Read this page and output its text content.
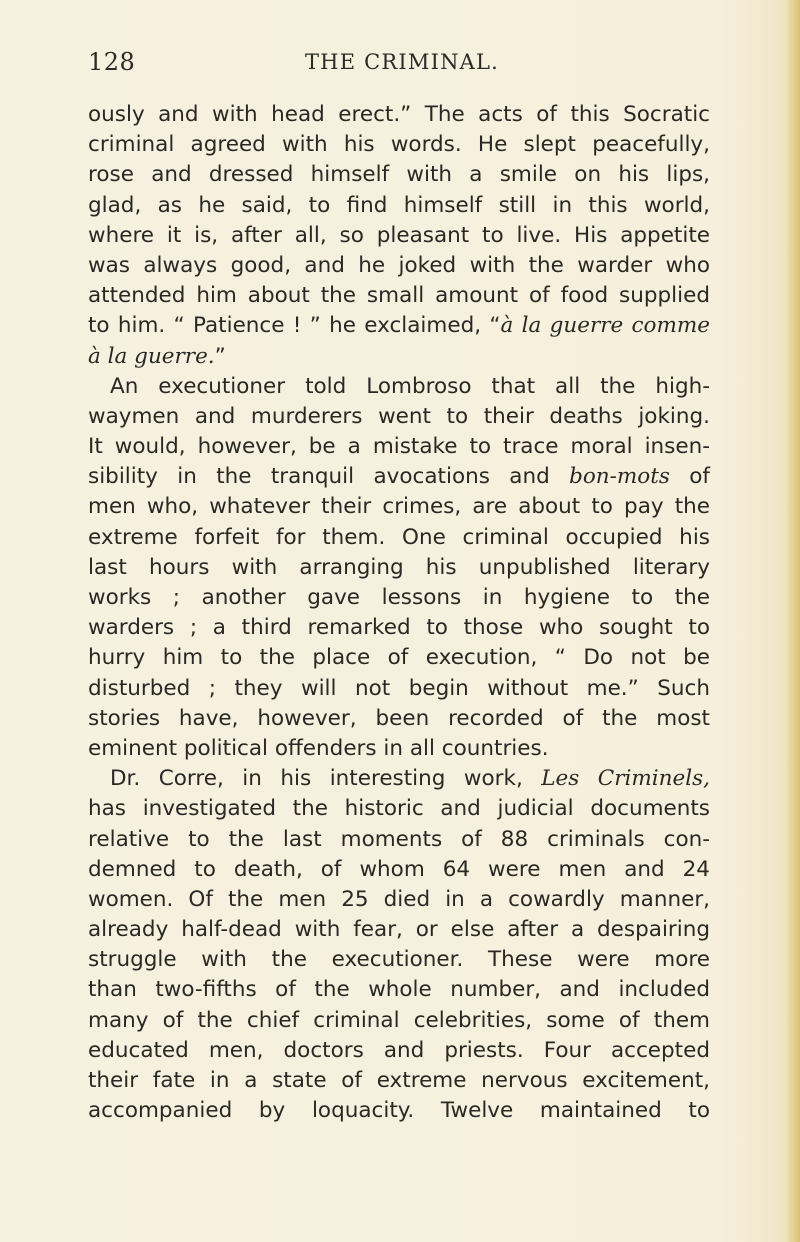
128	THE CRIMINAL.
ously and with head erect.” The acts of this Socratic
criminal agreed with his words. He slept peacefully,
rose and dressed himself with a smile on his lips,
glad, as he said, to find himself still in this world,
where it is, after all, so pleasant to live. His appetite
was always good, and he joked with the warder who
attended him about the small amount of food supplied
to him. “ Patience ! ” he exclaimed, “à la guerre comme
à la guerre.”
An executioner told Lombroso that all the high-
waymen and murderers went to their deaths joking.
It would, however, be a mistake to trace moral insen-
sibility in the tranquil avocations and bon-mots of
men who, whatever their crimes, are about to pay the
extreme forfeit for them. One criminal occupied his
last hours with arranging his unpublished literary
works ; another gave lessons in hygiene to the
warders ; a third remarked to those who sought to
hurry him to the place of execution, “ Do not be
disturbed ; they will not begin without me.” Such
stories have, however, been recorded of the most
eminent political offenders in all countries.
Dr. Corre, in his interesting work, Les Criminels,
has investigated the historic and judicial documents
relative to the last moments of 88 criminals con-
demned to death, of whom 64 were men and 24
women. Of the men 25 died in a cowardly manner,
already half-dead with fear, or else after a despairing
struggle with the executioner. These were more
than two-fifths of the whole number, and included
many of the chief criminal celebrities, some of them
educated men, doctors and priests. Four accepted
their fate in a state of extreme nervous excitement,
accompanied by loquacity. Twelve maintained to
